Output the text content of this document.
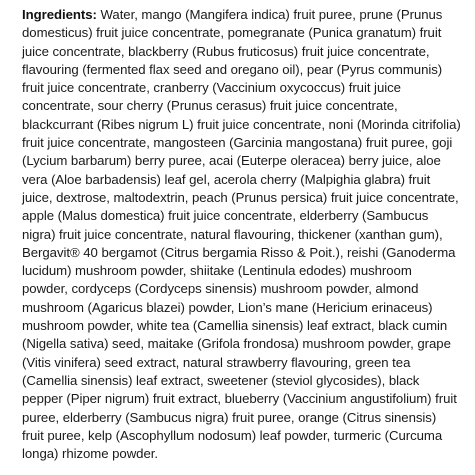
Ingredients: Water, mango (Mangifera indica) fruit puree, prune (Prunus domesticus) fruit juice concentrate, pomegranate (Punica granatum) fruit juice concentrate, blackberry (Rubus fruticosus) fruit juice concentrate, flavouring (fermented flax seed and oregano oil), pear (Pyrus communis) fruit juice concentrate, cranberry (Vaccinium oxycoccus) fruit juice concentrate, sour cherry (Prunus cerasus) fruit juice concentrate, blackcurrant (Ribes nigrum L) fruit juice concentrate, noni (Morinda citrifolia) fruit juice concentrate, mangosteen (Garcinia mangostana) fruit puree, goji (Lycium barbarum) berry puree, acai (Euterpe oleracea) berry juice, aloe vera (Aloe barbadensis) leaf gel, acerola cherry (Malpighia glabra) fruit juice, dextrose, maltodextrin, peach (Prunus persica) fruit juice concentrate, apple (Malus domestica) fruit juice concentrate, elderberry (Sambucus nigra) fruit juice concentrate, natural flavouring, thickener (xanthan gum), Bergavit® 40 bergamot (Citrus bergamia Risso & Poit.), reishi (Ganoderma lucidum) mushroom powder, shiitake (Lentinula edodes) mushroom powder, cordyceps (Cordyceps sinensis) mushroom powder, almond mushroom (Agaricus blazei) powder, Lion’s mane (Hericium erinaceus) mushroom powder, white tea (Camellia sinensis) leaf extract, black cumin (Nigella sativa) seed, maitake (Grifola frondosa) mushroom powder, grape (Vitis vinifera) seed extract, natural strawberry flavouring, green tea (Camellia sinensis) leaf extract, sweetener (steviol glycosides), black pepper (Piper nigrum) fruit extract, blueberry (Vaccinium angustifolium) fruit puree, elderberry (Sambucus nigra) fruit puree, orange (Citrus sinensis) fruit puree, kelp (Ascophyllum nodosum) leaf powder, turmeric (Curcuma longa) rhizome powder.
